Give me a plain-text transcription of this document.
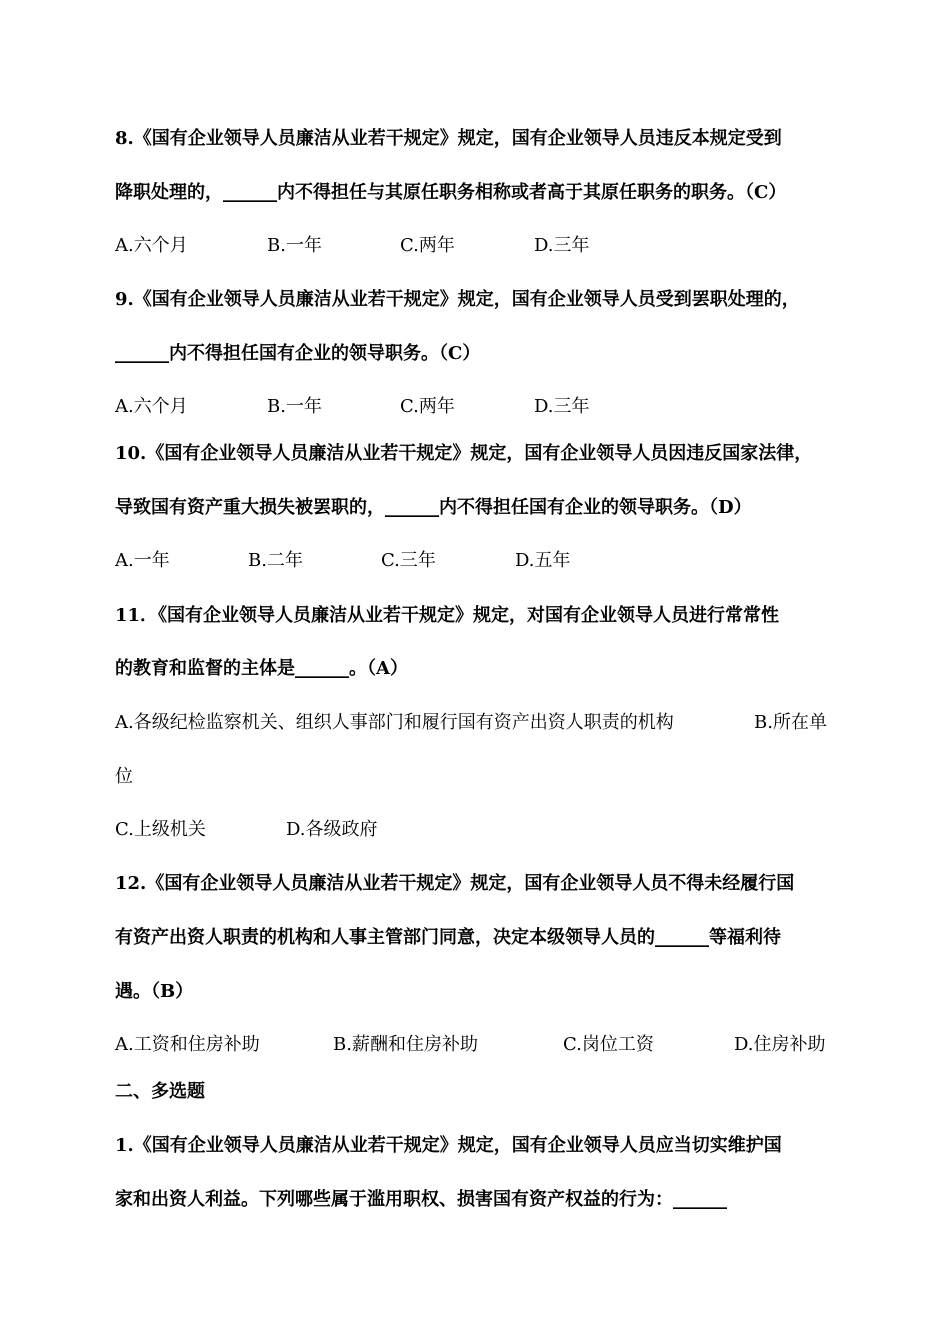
8.《国有企业领导人员廉洁从业若干规定》规定，国有企业领导人员违反本规定受到
降职处理的，______内不得担任与其原任职务相称或者高于其原任职务的职务。（C）
A.六个月	B.一年	C.两年	D.三年
9.《国有企业领导人员廉洁从业若干规定》规定，国有企业领导人员受到罢职处理的，
______内不得担任国有企业的领导职务。（C）
A.六个月	B.一年	C.两年	D.三年
10.《国有企业领导人员廉洁从业若干规定》规定，国有企业领导人员因违反国家法律，
导致国有资产重大损失被罢职的，______内不得担任国有企业的领导职务。（D）
A.一年	B.二年	C.三年	D.五年
11．《国有企业领导人员廉洁从业若干规定》规定，对国有企业领导人员进行常常性
的教育和监督的主体是______。（A）
A.各级纪检监察机关、组织人事部门和履行国有资产出资人职责的机构	B.所在单
位
C.上级机关	D.各级政府
12.《国有企业领导人员廉洁从业若干规定》规定，国有企业领导人员不得未经履行国
有资产出资人职责的机构和人事主管部门同意，决定本级领导人员的______等福利待
遇。（B）
A.工资和住房补助	B.薪酬和住房补助	C.岗位工资	D.住房补助
二、多选题
1.《国有企业领导人员廉洁从业若干规定》规定，国有企业领导人员应当切实维护国
家和出资人利益。下列哪些属于滥用职权、损害国有资产权益的行为：______
